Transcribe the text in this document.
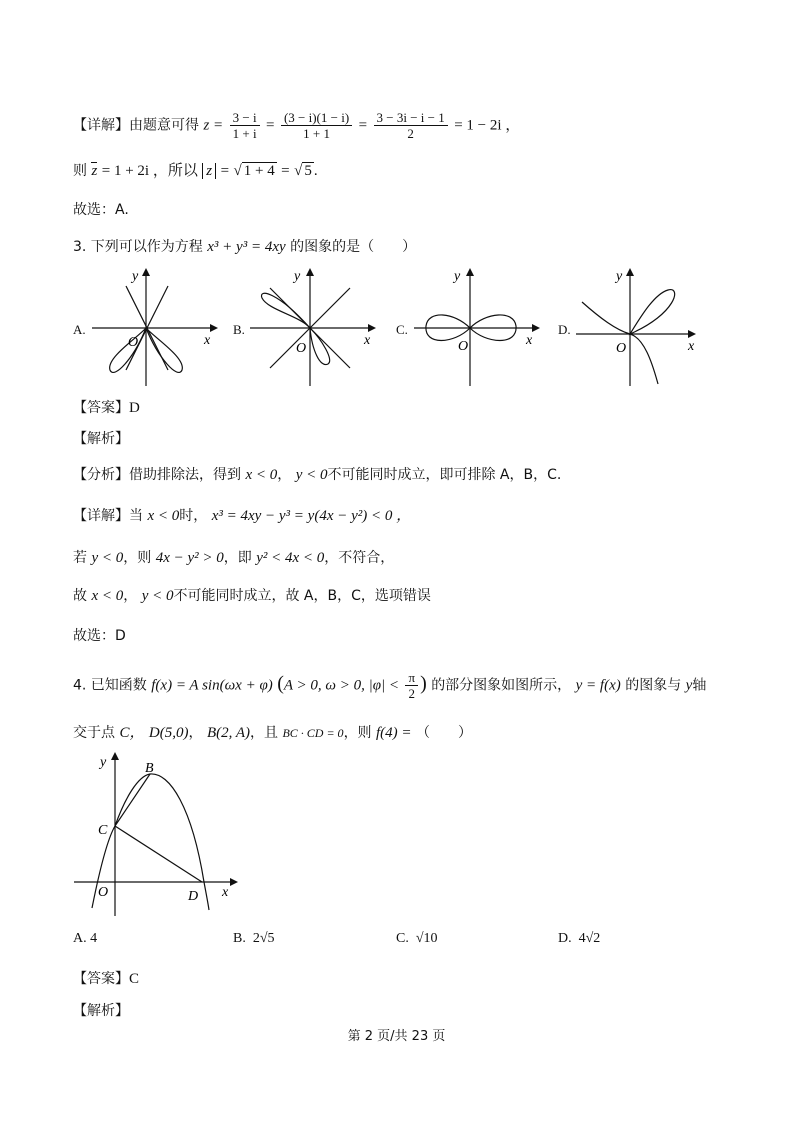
【详解】由题意可得 $z = \frac{3 - i}{1 + i} = \frac{(3 - i)(1 - i)}{1 + 1} = \frac{3 - 3i - i - 1}{2} = 1 - 2i$ ，
则 z = 1 + 2i ，所以 z = √ 1 + 4 = √ 5 .
故选：A.
3. 下列可以作为方程 x³ + y³ = 4xy 的图象的是（　　）
A.
y
x
O
B.
y
x
O
C.
y
x
O
D.
y
x
O
【答案】D
【解析】
【分析】借助排除法，得到 x < 0， y < 0不可能同时成立，即可排除 A，B，C.
【详解】当 x < 0时， x³ = 4xy − y³ = y(4x − y²) < 0 ，
若 y < 0，则 4x − y² > 0，即 y² < 4x < 0，不符合，
故 x < 0， y < 0不可能同时成立，故 A，B，C，选项错误
故选：D
4. 已知函数 f(x) = A sin(ωx + φ) (A > 0, ω > 0, $|\varphi| < \frac{\pi}{2}$ ) 的部分图象如图所示， y = f(x) 的图象与 y轴
交于点 C， D(5,0)， B(2, A)，且 BC · CD = 0，则 f(4) = （　　）
y	B
C
O	D x
A. 4	B. 2√5	C. √10	D. 4√2
【答案】C
【解析】
第 2 页/共 23 页
